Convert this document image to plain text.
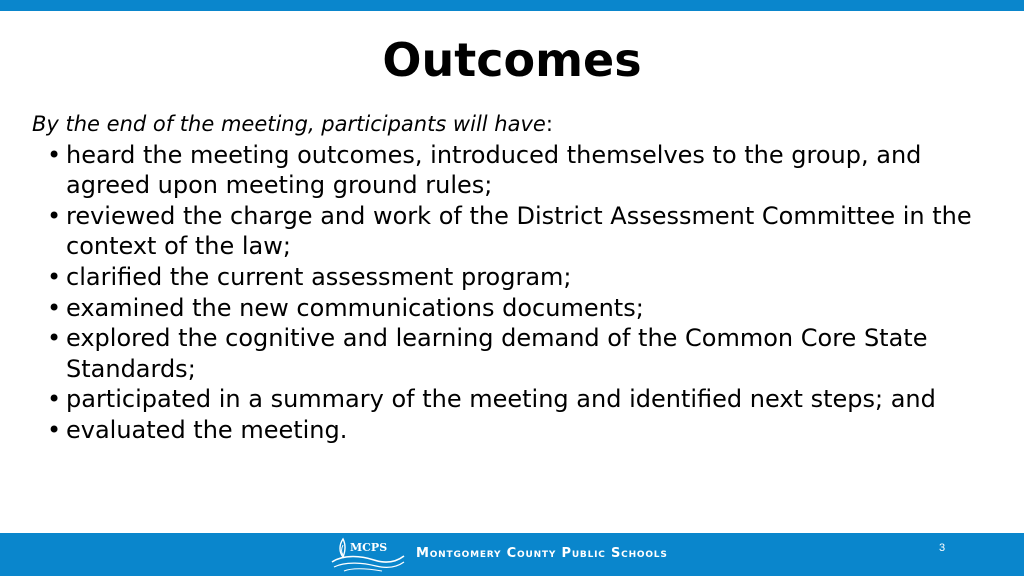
Outcomes
By the end of the meeting, participants will have:
• heard the meeting outcomes, introduced themselves to the group, and agreed upon meeting ground rules;
• reviewed the charge and work of the District Assessment Committee in the context of the law;
• clarified the current assessment program;
• examined the new communications documents;
• explored the cognitive and learning demand of the Common Core State Standards;
• participated in a summary of the meeting and identified next steps; and
• evaluated the meeting.
MCPS Montgomery County Public Schools	3
